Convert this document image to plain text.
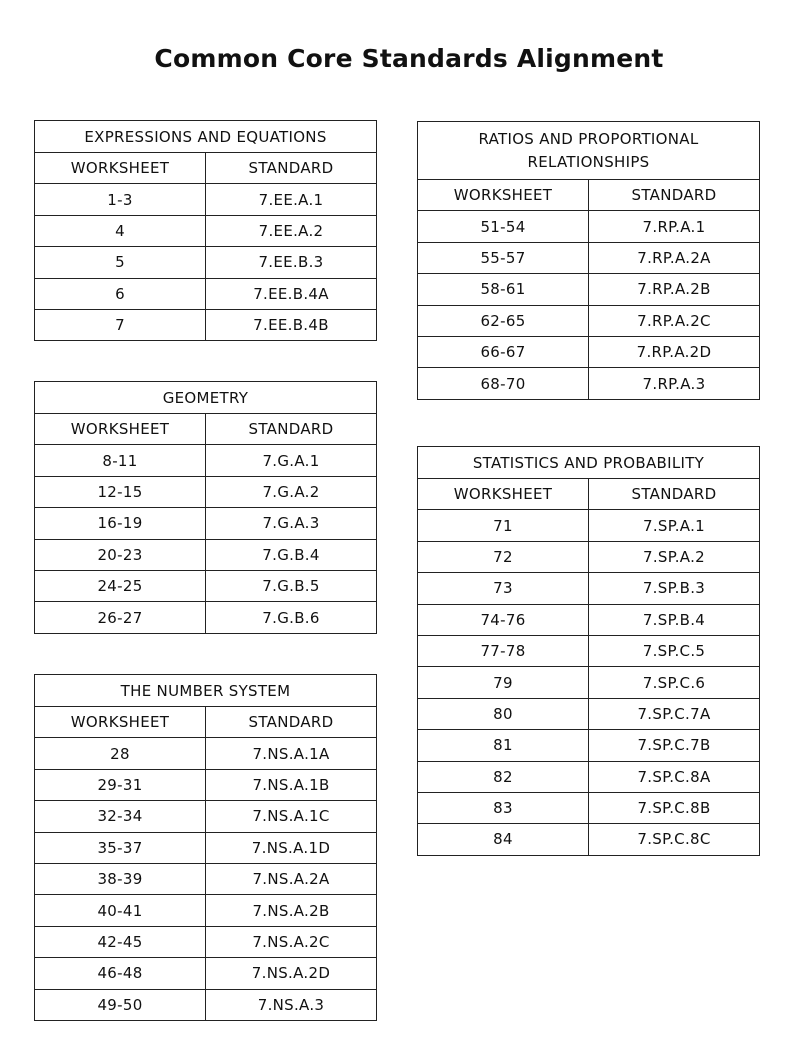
Common Core Standards Alignment
EXPRESSIONS AND EQUATIONS	
WORKSHEET	STANDARD
1-3	7.EE.A.1
4	7.EE.A.2
5	7.EE.B.3
6	7.EE.B.4A
7	7.EE.B.4B
GEOMETRY	
WORKSHEET	STANDARD
8-11	7.G.A.1
12-15	7.G.A.2
16-19	7.G.A.3
20-23	7.G.B.4
24-25	7.G.B.5
26-27	7.G.B.6
THE NUMBER SYSTEM	
WORKSHEET	STANDARD
28	7.NS.A.1A
29-31	7.NS.A.1B
32-34	7.NS.A.1C
35-37	7.NS.A.1D
38-39	7.NS.A.2A
40-41	7.NS.A.2B
42-45	7.NS.A.2C
46-48	7.NS.A.2D
49-50	7.NS.A.3
RATIOS AND PROPORTIONAL
RELATIONSHIPS	
WORKSHEET	STANDARD
51-54	7.RP.A.1
55-57	7.RP.A.2A
58-61	7.RP.A.2B
62-65	7.RP.A.2C
66-67	7.RP.A.2D
68-70	7.RP.A.3
STATISTICS AND PROBABILITY	
WORKSHEET	STANDARD
71	7.SP.A.1
72	7.SP.A.2
73	7.SP.B.3
74-76	7.SP.B.4
77-78	7.SP.C.5
79	7.SP.C.6
80	7.SP.C.7A
81	7.SP.C.7B
82	7.SP.C.8A
83	7.SP.C.8B
84	7.SP.C.8C
